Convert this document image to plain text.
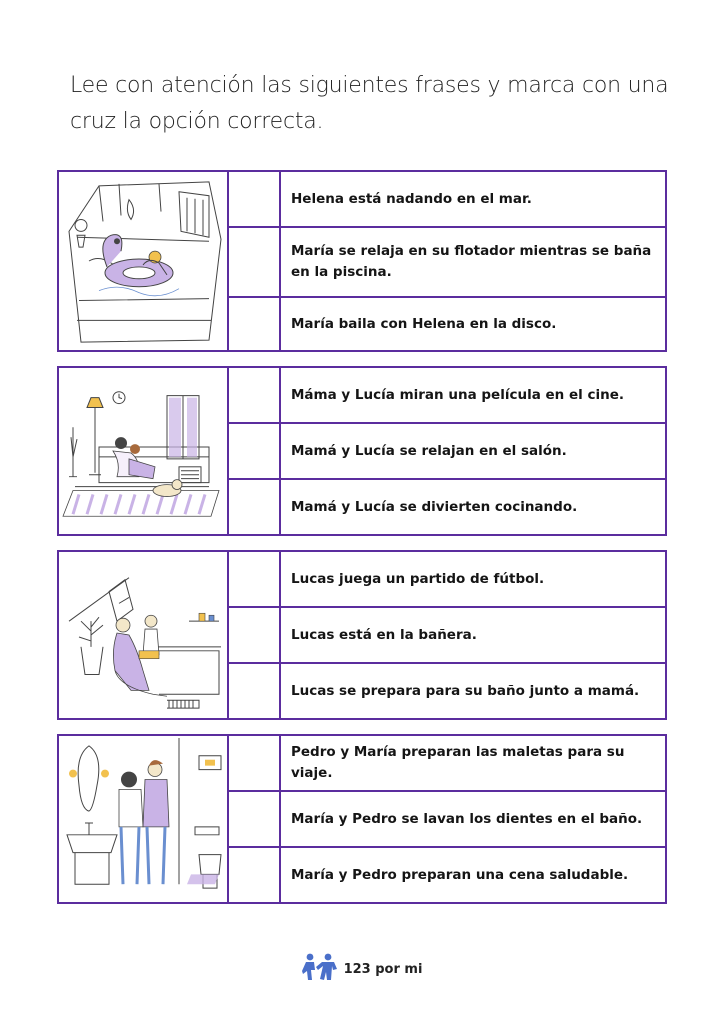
Lee con atención las siguientes frases y marca con una cruz la opción correcta.
Helena está nadando en el mar.
María se relaja en su flotador mientras se baña en la piscina.
María baila con Helena en la disco.
Máma y Lucía miran una película en el cine.
Mamá y Lucía se relajan en el salón.
Mamá y Lucía se divierten cocinando.
Lucas juega un partido de fútbol.
Lucas está en la bañera.
Lucas se prepara para su baño junto a mamá.
Pedro y María preparan las maletas para su viaje.
María y Pedro se lavan los dientes en el baño.
María y Pedro preparan una cena saludable.
123 por mi
